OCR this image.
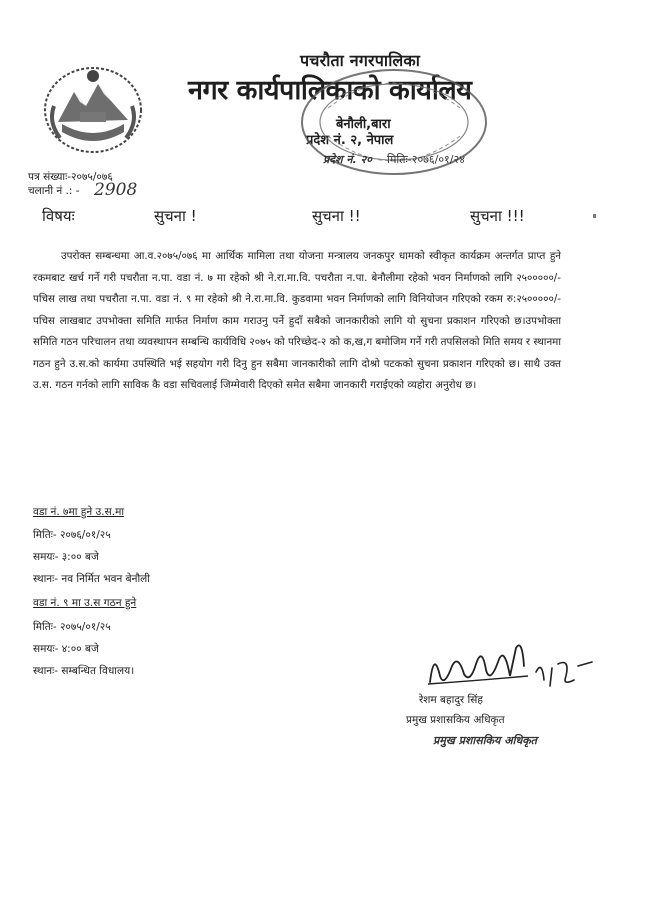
पचरौता नगरपालिका
नगर कार्यपालिकाको कार्यालय
बेनौली,बारा
प्रदेश नं. २, नेपाल
प्रदेश नं. २० मितिः-२०७६/०१/२४
पत्र संख्याः-२०७५/०७६
चलानी नं .: - 2908
विषयः	सुचना !	सुचना !!	सुचना !!!
उपरोक्त सम्बन्धमा आ.व.२०७५/०७६ मा आर्थिक मामिला तथा योजना मन्त्रालय जनकपुर धामको स्वीकृत कार्यक्रम अन्तर्गत प्राप्त हुने रकमबाट खर्च गर्ने गरी पचरौता न.पा. वडा नं. ७ मा रहेको श्री ने.रा.मा.वि. पचरौता न.पा. बेनौलीमा रहेको भवन निर्माणको लागि २५०००००/- पचिस लाख तथा पचरौता न.पा. वडा नं. ९ मा रहेको श्री ने.रा.मा.वि. कुडवामा भवन निर्माणको लागि विनियोजन गरिएको रकम रु:२५०००००/- पचिस लाखबाट उपभोक्ता समिति मार्फत निर्माण काम गराउनु पर्ने हुदाँ सबैको जानकारीको लागि यो सुचना प्रकाशन गरिएको छ।उपभोक्ता समिति गठन परिचालन तथा व्यवस्थापन सम्बन्धि कार्यविधि २०७५ को परिच्छेद-२ को क,ख,ग बमोजिम गर्ने गरी तपसिलको मिति समय र स्थानमा गठन हुने उ.स.को कार्यमा उपस्थिति भई सहयोग गरी दिनु हुन सबैमा जानकारीको लागि दोश्रो पटकको सुचना प्रकाशन गरिएको छ। साथै उक्त उ.स. गठन गर्नको लागि साविक कै वडा सचिवलाई जिम्मेवारी दिएको समेत सबैमा जानकारी गराईएको व्यहोरा अनुरोध छ।
वडा नं. ७मा हुने उ.स.मा
मितिः- २०७६/०१/२५
समयः- ३:०० बजे
स्थानः- नव निर्मित भवन बेनौली
वडा नं. ९ मा उ.स गठन हुने
मितिः- २०७५/०१/२५
समयः- ४:०० बजे
स्थानः- सम्बन्धित विधालय।
रेशम बहादुर सिंह
प्रमुख प्रशासकिय अधिकृत
प्रमुख प्रशासकिय अधिकृत
